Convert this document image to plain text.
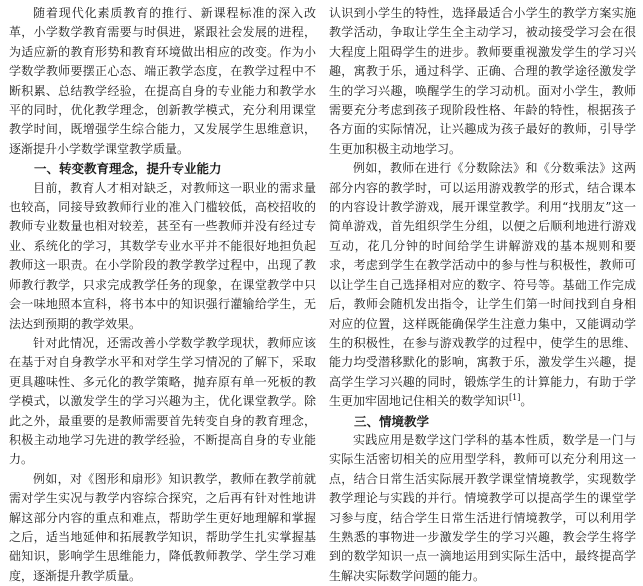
随着现代化素质教育的推行、新课程标准的深入改革，小学数学教育需要与时俱进，紧跟社会发展的进程，为适应新的教育形势和教育环境做出相应的改变。作为小学数学教师要摆正心态、端正教学态度，在教学过程中不断积累、总结教学经验，在提高自身的专业能力和教学水平的同时，优化教学理念，创新教学模式，充分利用课堂教学时间，既增强学生综合能力，又发展学生思维意识，逐渐提升小学数学课堂教学质量。

一、转变教育理念，提升专业能力

目前，教育人才相对缺乏，对教师这一职业的需求量也较高，同接导致教师行业的准入门槛较低，高校招收的教师专业数量也相对较差，甚至有一些教师并没有经过专业、系统化的学习，其数学专业水平并不能很好地担负起教师这一职责。在小学阶段的教学教学过程中，出现了教师教行教学，只求完成教学任务的现象，在课堂教学中只会一味地照本宣科，将书本中的知识强行灌输给学生，无法达到预期的教学效果。

针对此情况，还需改善小学数学教学现状，教师应该在基于对自身教学水平和对学生学习情况的了解下，采取更具趣味性、多元化的教学策略，抛弃原有单一死板的教学模式，以激发学生的学习兴趣为主，优化课堂教学。除此之外，最重要的是教师需要首先转变自身的教育理念，积极主动地学习先进的教学经验，不断提高自身的专业能力。

例如，对《图形和扇形》知识教学，教师在教学前就需对学生实况与教学内容综合探究，之后再有针对性地讲解这部分内容的重点和难点，帮助学生更好地理解和掌握之后，适当地延伸和拓展教学知识，帮助学生扎实掌握基础知识，影响学生思维能力，降低教师教学、学生学习难度，逐渐提升教学质量。

认识到小学生的特性，选择最适合小学生的教学方案实施教学活动，争取让学生全主动学习，被动接受学习会在很大程度上阻碍学生的进步。教师要重视激发学生的学习兴趣，寓教于乐，通过科学、正确、合理的教学途径激发学生的学习兴趣，唤醒学生的学习动机。面对小学生，教师需要充分考虑到孩子现阶段性格、年龄的特性，根据孩子各方面的实际情况，让兴趣成为孩子最好的教师，引导学生更加积极主动地学习。

例如，教师在进行《分数除法》和《分数乘法》这两部分内容的教学时，可以运用游戏教学的形式，结合课本的内容设计教学游戏，展开课堂教学。利用“找朋友”这一简单游戏，首先组织学生分组，以便之后顺利地进行游戏互动，花几分钟的时间给学生讲解游戏的基本规则和要求，考虑到学生在教学活动中的参与性与积极性，教师可以让学生自己选择相对应的数字、符号等。基础工作完成后，教师会随机发出指令，让学生们第一时间找到自身相对应的位置，这样既能确保学生注意力集中，又能调动学生的积极性，在参与游戏教学的过程中，使学生的思维、能力均受潜移默化的影响，寓教于乐，激发学生兴趣，提高学生学习兴趣的同时，锻炼学生的计算能力，有助于学生更加牢固地记住相关的数学知识[1]。

三、情境教学

实践应用是数学这门学科的基本性质，数学是一门与实际生活密切相关的应用型学科，教师可以充分利用这一点，结合日常生活实际展开教学课堂情境教学，实现数学教学理论与实践的并行。情境教学可以提高学生的课堂学习参与度，结合学生日常生活进行情境教学，可以利用学生熟悉的事物进一步激发学生的学习兴趣，教会学生将学到的数学知识一点一滴地运用到实际生活中，最终提高学生解决实际数学问题的能力。
